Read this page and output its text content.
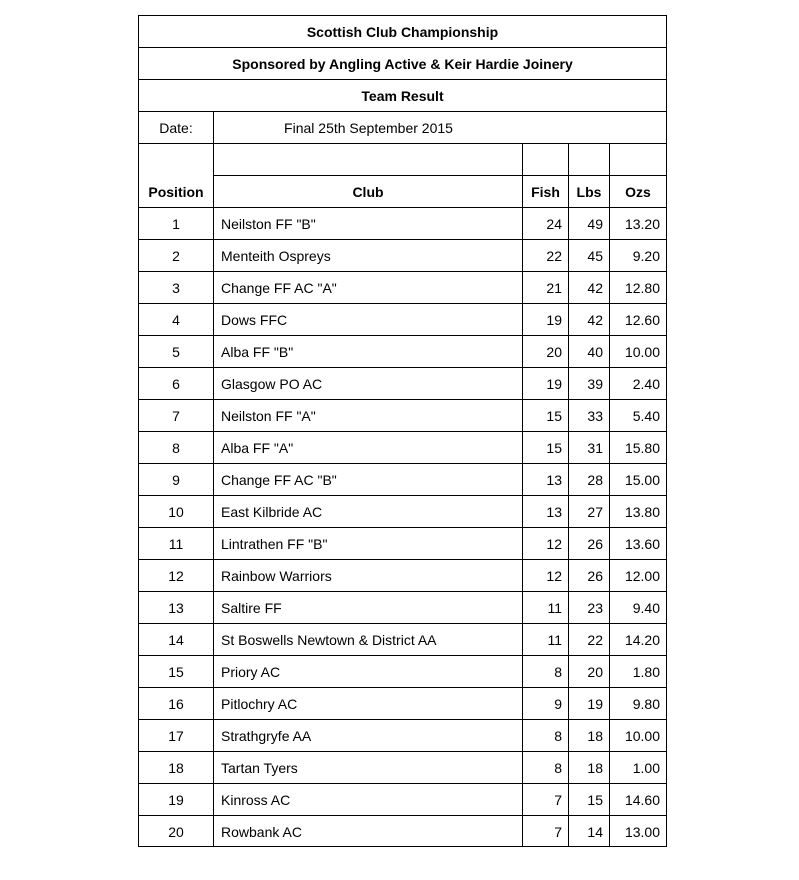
Scottish Club Championship
Sponsored by Angling Active & Keir Hardie Joinery
Team Result
Date:	Final 25th September 2015
Position	Club	Fish	Lbs	Ozs
1	Neilston FF "B"	24	49	13.20
2	Menteith Ospreys	22	45	9.20
3	Change FF AC "A"	21	42	12.80
4	Dows FFC	19	42	12.60
5	Alba FF "B"	20	40	10.00
6	Glasgow PO AC	19	39	2.40
7	Neilston FF "A"	15	33	5.40
8	Alba FF "A"	15	31	15.80
9	Change FF AC "B"	13	28	15.00
10	East Kilbride AC	13	27	13.80
11	Lintrathen FF "B"	12	26	13.60
12	Rainbow Warriors	12	26	12.00
13	Saltire FF	11	23	9.40
14	St Boswells Newtown & District AA	11	22	14.20
15	Priory AC	8	20	1.80
16	Pitlochry AC	9	19	9.80
17	Strathgryfe AA	8	18	10.00
18	Tartan Tyers	8	18	1.00
19	Kinross AC	7	15	14.60
20	Rowbank AC	7	14	13.00
